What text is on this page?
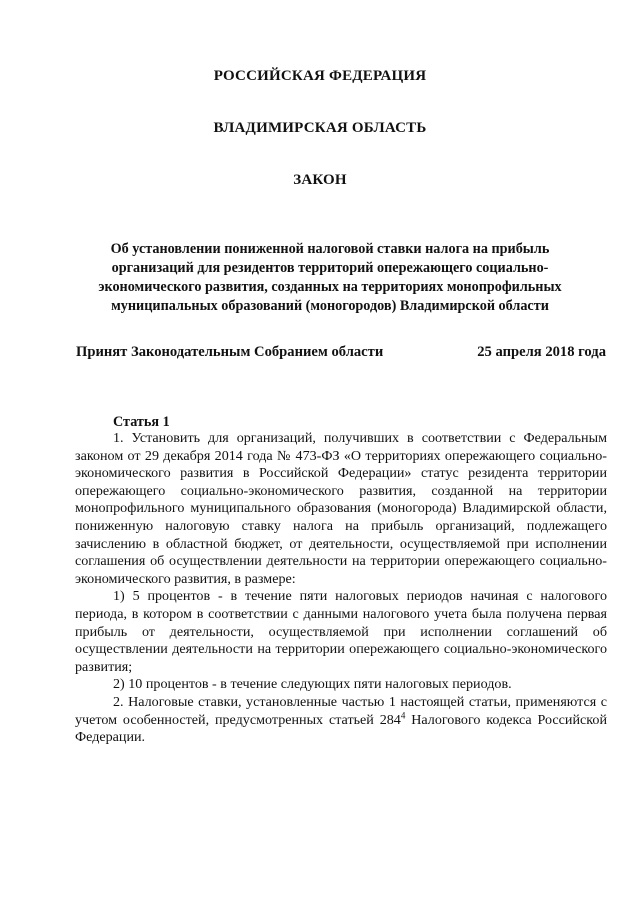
РОССИЙСКАЯ ФЕДЕРАЦИЯ
ВЛАДИМИРСКАЯ ОБЛАСТЬ
ЗАКОН
Об установлении пониженной налоговой ставки налога на прибыль
организаций для резидентов территорий опережающего социально-
экономического развития, созданных на территориях монопрофильных
муниципальных образований (моногородов) Владимирской области
Принят Законодательным Собранием области	25 апреля 2018 года
Статья 1

1. Установить для организаций, получивших в соответствии с Федеральным законом от 29 декабря 2014 года № 473-ФЗ «О территориях опережающего социально-экономического развития в Российской Федерации» статус резидента территории опережающего социально-экономического развития, созданной на территории монопрофильного муниципального образования (моногорода) Владимирской области, пониженную налоговую ставку налога на прибыль организаций, подлежащего зачислению в областной бюджет, от деятельности, осуществляемой при исполнении соглашения об осуществлении деятельности на территории опережающего социально-экономического развития, в размере:

1) 5 процентов - в течение пяти налоговых периодов начиная с налогового периода, в котором в соответствии с данными налогового учета была получена первая прибыль от деятельности, осуществляемой при исполнении соглашений об осуществлении деятельности на территории опережающего социально-экономического развития;

2) 10 процентов - в течение следующих пяти налоговых периодов.

2. Налоговые ставки, установленные частью 1 настоящей статьи, применяются с учетом особенностей, предусмотренных статьей $284^4$ Налогового кодекса Российской Федерации.
